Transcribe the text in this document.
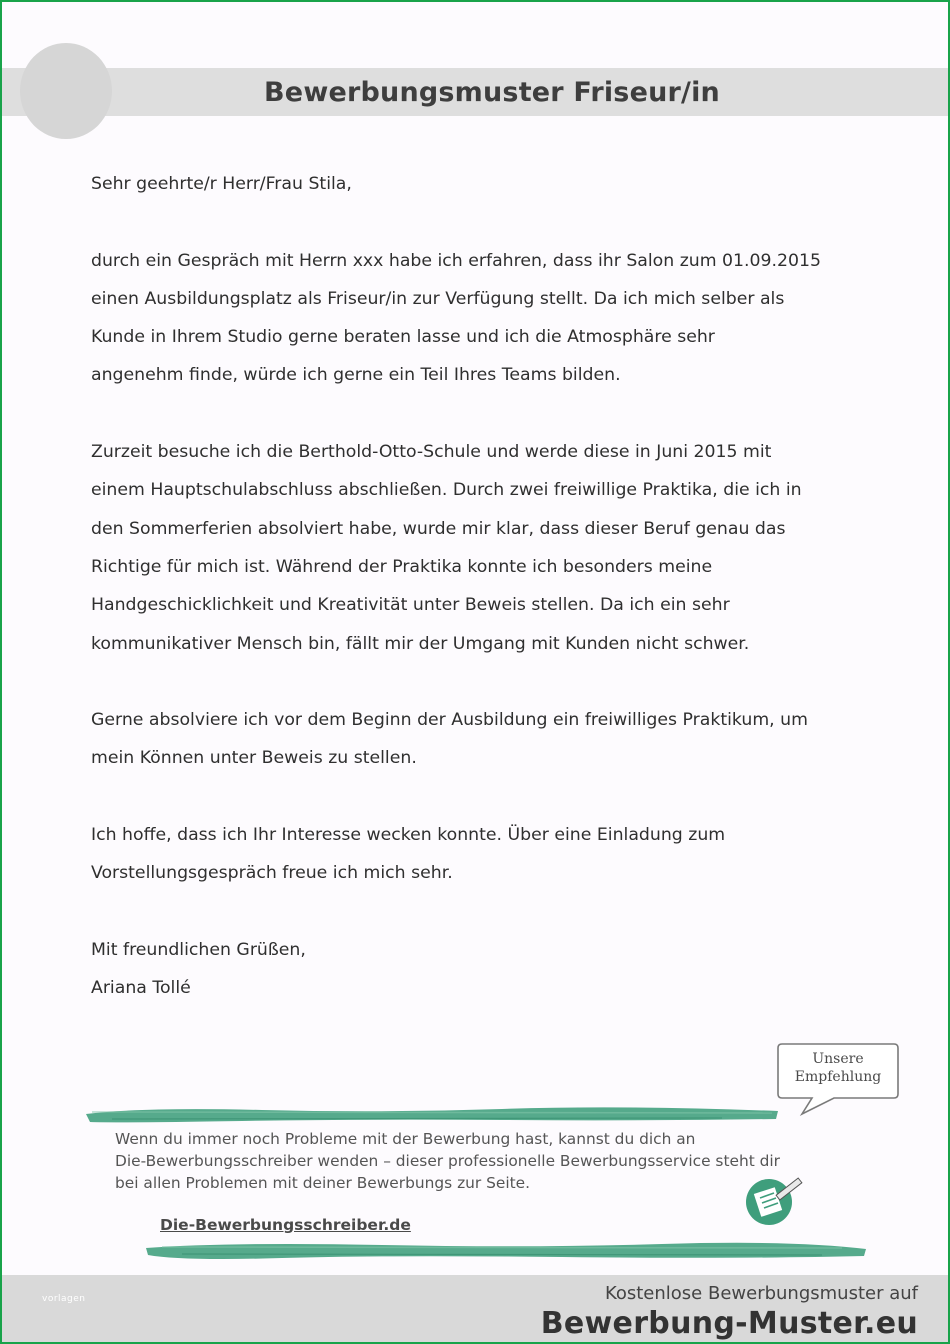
Bewerbungsmuster Friseur/in

Sehr geehrte/r Herr/Frau Stila,

durch ein Gespräch mit Herrn xxx habe ich erfahren, dass ihr Salon zum 01.09.2015

einen Ausbildungsplatz als Friseur/in zur Verfügung stellt. Da ich mich selber als

Kunde in Ihrem Studio gerne beraten lasse und ich die Atmosphäre sehr

angenehm finde, würde ich gerne ein Teil Ihres Teams bilden.

Zurzeit besuche ich die Berthold-Otto-Schule und werde diese in Juni 2015 mit

einem Hauptschulabschluss abschließen. Durch zwei freiwillige Praktika, die ich in

den Sommerferien absolviert habe, wurde mir klar, dass dieser Beruf genau das

Richtige für mich ist. Während der Praktika konnte ich besonders meine

Handgeschicklichkeit und Kreativität unter Beweis stellen. Da ich ein sehr

kommunikativer Mensch bin, fällt mir der Umgang mit Kunden nicht schwer.

Gerne absolviere ich vor dem Beginn der Ausbildung ein freiwilliges Praktikum, um

mein Können unter Beweis zu stellen.

Ich hoffe, dass ich Ihr Interesse wecken konnte. Über eine Einladung zum

Vorstellungsgespräch freue ich mich sehr.

Mit freundlichen Grüßen,

Ariana Tollé

Unsere
Empfehlung

Wenn du immer noch Probleme mit der Bewerbung hast, kannst du dich an

Die-Bewerbungsschreiber wenden – dieser professionelle Bewerbungsservice steht dir

bei allen Problemen mit deiner Bewerbungs zur Seite.

Die-Bewerbungsschreiber.de
vorlagen	Kostenlose Bewerbungsmuster auf
Bewerbung-Muster.eu
